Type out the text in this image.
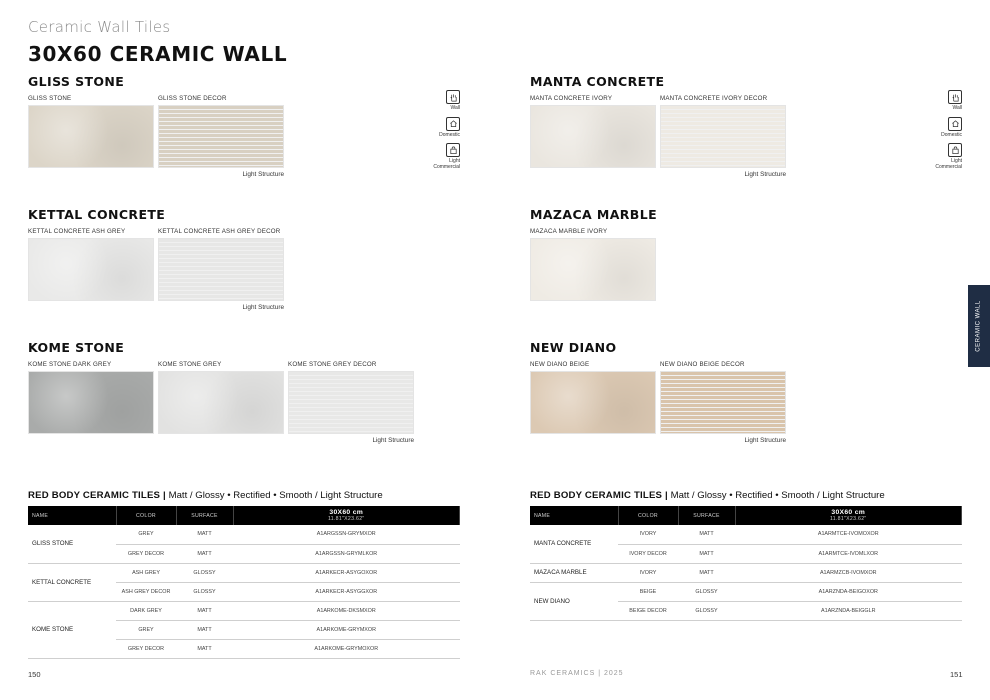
Ceramic Wall Tiles
30X60 CERAMIC WALL
GLISS STONE
GLISS STONE	GLISS STONE DECOR
Light Structure
KETTAL CONCRETE
KETTAL CONCRETE ASH GREY	KETTAL CONCRETE ASH GREY DECOR
Light Structure
KOME STONE
KOME STONE DARK GREY	KOME STONE GREY	KOME STONE GREY DECOR
Light Structure
MANTA CONCRETE
MANTA CONCRETE IVORY	MANTA CONCRETE IVORY DECOR
Light Structure
MAZACA MARBLE
MAZACA MARBLE IVORY
NEW DIANO
NEW DIANO BEIGE	NEW DIANO BEIGE DECOR
Light Structure
Wall
Domestic
Light
Commercial
Wall
Domestic
Light
Commercial
CERAMIC WALL
RED BODY CERAMIC TILES | Matt / Glossy • Rectified • Smooth / Light Structure	RED BODY CERAMIC TILES | Matt / Glossy • Rectified • Smooth / Light Structure
NAME	COLOR	SURFACE	30X60 cm
11.81"X23.62"

GLISS STONE	GREY	MATT	A1ARGSSN-GRYMXOR
	GREY DECOR	MATT	A1ARGSSN-GRYMLKOR
KETTAL CONCRETE	ASH GREY	GLOSSY	A1ARKECR-ASYGOXOR
	ASH GREY DECOR	GLOSSY	A1ARKECR-ASYGGXOR
KOME STONE	DARK GREY	MATT	A1ARKOME-DKSMXOR
	GREY	MATT	A1ARKOME-GRYMXOR
	GREY DECOR	MATT	A1ARKOME-GRYMOXOR
NAME	COLOR	SURFACE	30X60 cm
11.81"X23.62"

MANTA CONCRETE	IVORY	MATT	A1ARMTCE-IVOMOXOR
	IVORY DECOR	MATT	A1ARMTCE-IVOMLXOR
MAZACA MARBLE	IVORY	MATT	A1ARMZCB-IVOMXOR
NEW DIANO	BEIGE	GLOSSY	A1ARZNDA-BEIGOXOR
	BEIGE DECOR	GLOSSY	A1ARZNDA-BEIGGLR
150	RAK CERAMICS | 2025	151
